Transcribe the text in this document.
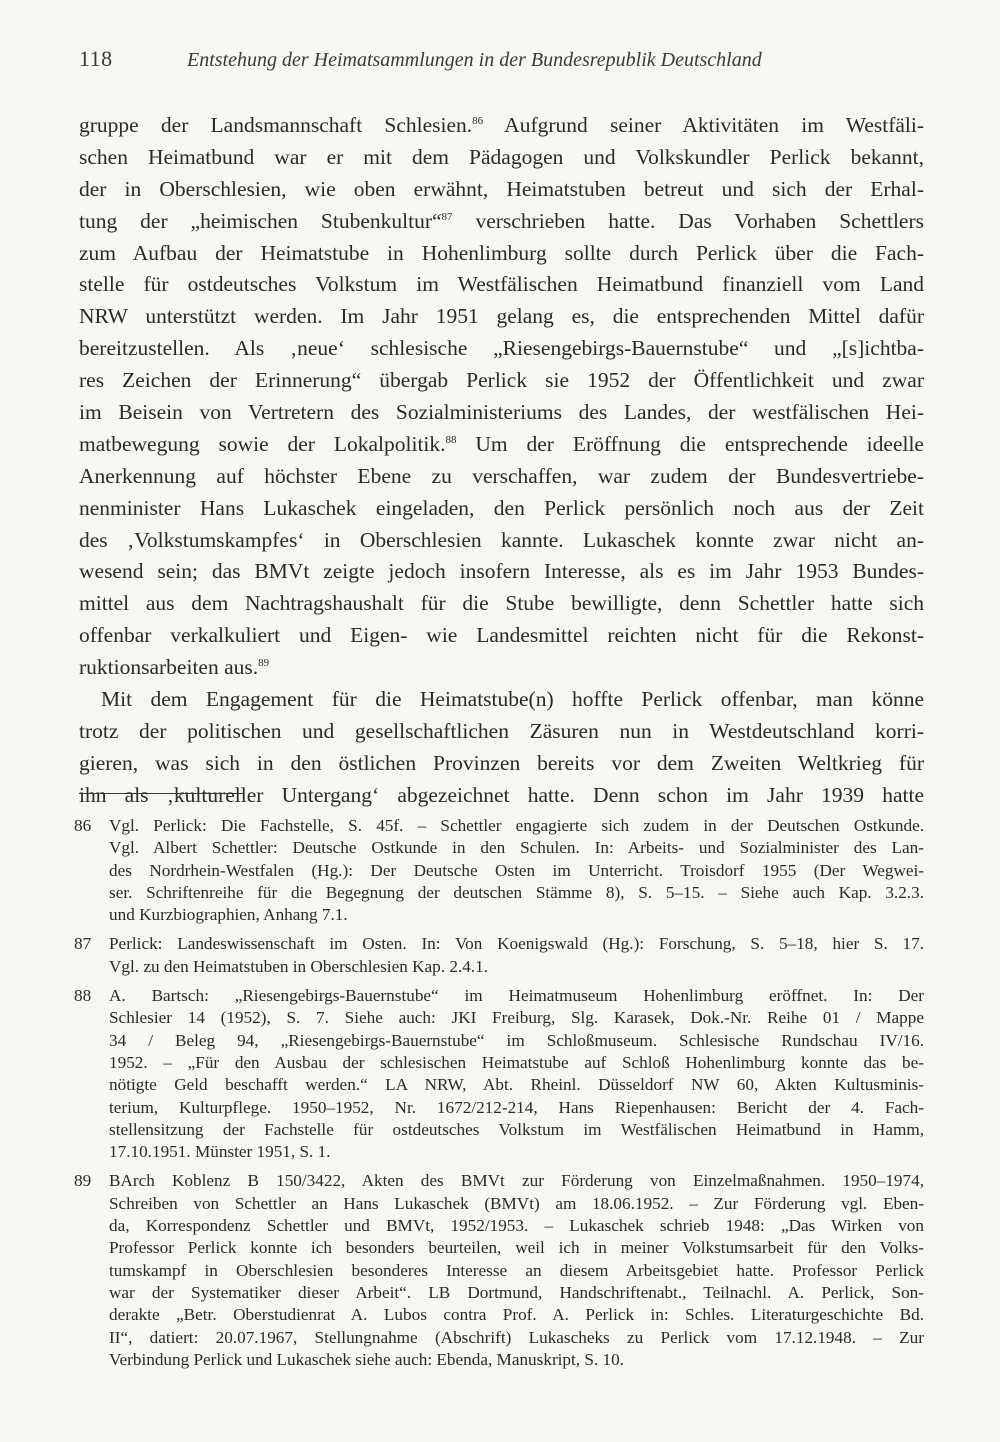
118	Entstehung der Heimatsammlungen in der Bundesrepublik Deutschland
gruppe der Landsmannschaft Schlesien.$^{86}$ Aufgrund seiner Aktivitäten im Westfäli-
schen Heimatbund war er mit dem Pädagogen und Volkskundler Perlick bekannt,
der in Oberschlesien, wie oben erwähnt, Heimatstuben betreut und sich der Erhal-
tung der „heimischen Stubenkultur“$^{87}$ verschrieben hatte. Das Vorhaben Schettlers
zum Aufbau der Heimatstube in Hohenlimburg sollte durch Perlick über die Fach-
stelle für ostdeutsches Volkstum im Westfälischen Heimatbund finanziell vom Land
NRW unterstützt werden. Im Jahr 1951 gelang es, die entsprechenden Mittel dafür
bereitzustellen. Als ‚neue‘ schlesische „Riesengebirgs-Bauernstube“ und „[s]ichtba-
res Zeichen der Erinnerung“ übergab Perlick sie 1952 der Öffentlichkeit und zwar
im Beisein von Vertretern des Sozialministeriums des Landes, der westfälischen Hei-
matbewegung sowie der Lokalpolitik.$^{88}$ Um der Eröffnung die entsprechende ideelle
Anerkennung auf höchster Ebene zu verschaffen, war zudem der Bundesvertriebe-
nenminister Hans Lukaschek eingeladen, den Perlick persönlich noch aus der Zeit
des ‚Volkstumskampfes‘ in Oberschlesien kannte. Lukaschek konnte zwar nicht an-
wesend sein; das BMVt zeigte jedoch insofern Interesse, als es im Jahr 1953 Bundes-
mittel aus dem Nachtragshaushalt für die Stube bewilligte, denn Schettler hatte sich
offenbar verkalkuliert und Eigen- wie Landesmittel reichten nicht für die Rekonst-
ruktionsarbeiten aus.$^{89}$
Mit dem Engagement für die Heimatstube(n) hoffte Perlick offenbar, man könne
trotz der politischen und gesellschaftlichen Zäsuren nun in Westdeutschland korri-
gieren, was sich in den östlichen Provinzen bereits vor dem Zweiten Weltkrieg für
ihn als ‚kultureller Untergang‘ abgezeichnet hatte. Denn schon im Jahr 1939 hatte
86	Vgl. Perlick: Die Fachstelle, S. 45f. – Schettler engagierte sich zudem in der Deutschen Ostkunde.
Vgl. Albert Schettler: Deutsche Ostkunde in den Schulen. In: Arbeits- und Sozialminister des Lan-
des Nordrhein-Westfalen (Hg.): Der Deutsche Osten im Unterricht. Troisdorf 1955 (Der Wegwei-
ser. Schriftenreihe für die Begegnung der deutschen Stämme 8), S. 5–15. – Siehe auch Kap. 3.2.3.
und Kurzbiographien, Anhang 7.1.
87	Perlick: Landeswissenschaft im Osten. In: Von Koenigswald (Hg.): Forschung, S. 5–18, hier S. 17.
Vgl. zu den Heimatstuben in Oberschlesien Kap. 2.4.1.
88	A. Bartsch: „Riesengebirgs-Bauernstube“ im Heimatmuseum Hohenlimburg eröffnet. In: Der
Schlesier 14 (1952), S. 7. Siehe auch: JKI Freiburg, Slg. Karasek, Dok.-Nr. Reihe 01 / Mappe
34 / Beleg 94, „Riesengebirgs-Bauernstube“ im Schloßmuseum. Schlesische Rundschau IV/16.
1952. – „Für den Ausbau der schlesischen Heimatstube auf Schloß Hohenlimburg konnte das be-
nötigte Geld beschafft werden.“ LA NRW, Abt. Rheinl. Düsseldorf NW 60, Akten Kultusminis-
terium, Kulturpflege. 1950–1952, Nr. 1672/212-214, Hans Riepenhausen: Bericht der 4. Fach-
stellensitzung der Fachstelle für ostdeutsches Volkstum im Westfälischen Heimatbund in Hamm,
17.10.1951. Münster 1951, S. 1.
89	BArch Koblenz B 150/3422, Akten des BMVt zur Förderung von Einzelmaßnahmen. 1950–1974,
Schreiben von Schettler an Hans Lukaschek (BMVt) am 18.06.1952. – Zur Förderung vgl. Eben-
da, Korrespondenz Schettler und BMVt, 1952/1953. – Lukaschek schrieb 1948: „Das Wirken von
Professor Perlick konnte ich besonders beurteilen, weil ich in meiner Volkstumsarbeit für den Volks-
tumskampf in Oberschlesien besonderes Interesse an diesem Arbeitsgebiet hatte. Professor Perlick
war der Systematiker dieser Arbeit“. LB Dortmund, Handschriftenabt., Teilnachl. A. Perlick, Son-
derakte „Betr. Oberstudienrat A. Lubos contra Prof. A. Perlick in: Schles. Literaturgeschichte Bd.
II“, datiert: 20.07.1967, Stellungnahme (Abschrift) Lukascheks zu Perlick vom 17.12.1948. – Zur
Verbindung Perlick und Lukaschek siehe auch: Ebenda, Manuskript, S. 10.
